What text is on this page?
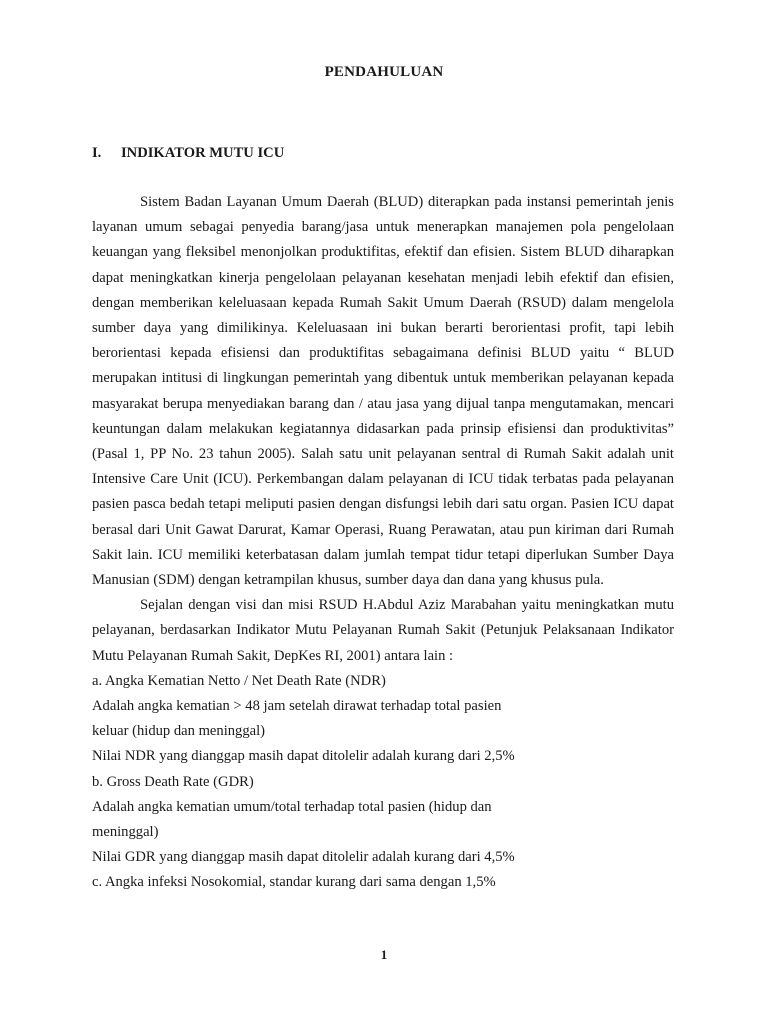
PENDAHULUAN
I. INDIKATOR MUTU ICU

Sistem Badan Layanan Umum Daerah (BLUD) diterapkan pada instansi pemerintah jenis layanan umum sebagai penyedia barang/jasa untuk menerapkan manajemen pola pengelolaan keuangan yang fleksibel menonjolkan produktifitas, efektif dan efisien. Sistem BLUD diharapkan dapat meningkatkan kinerja pengelolaan pelayanan kesehatan menjadi lebih efektif dan efisien, dengan memberikan keleluasaan kepada Rumah Sakit Umum Daerah (RSUD) dalam mengelola sumber daya yang dimilikinya. Keleluasaan ini bukan berarti berorientasi profit, tapi lebih berorientasi kepada efisiensi dan produktifitas sebagaimana definisi BLUD yaitu “ BLUD merupakan intitusi di lingkungan pemerintah yang dibentuk untuk memberikan pelayanan kepada masyarakat berupa menyediakan barang dan / atau jasa yang dijual tanpa mengutamakan, mencari keuntungan dalam melakukan kegiatannya didasarkan pada prinsip efisiensi dan produktivitas” (Pasal 1, PP No. 23 tahun 2005). Salah satu unit pelayanan sentral di Rumah Sakit adalah unit Intensive Care Unit (ICU). Perkembangan dalam pelayanan di ICU tidak terbatas pada pelayanan pasien pasca bedah tetapi meliputi pasien dengan disfungsi lebih dari satu organ. Pasien ICU dapat berasal dari Unit Gawat Darurat, Kamar Operasi, Ruang Perawatan, atau pun kiriman dari Rumah Sakit lain. ICU memiliki keterbatasan dalam jumlah tempat tidur tetapi diperlukan Sumber Daya Manusian (SDM) dengan ketrampilan khusus, sumber daya dan dana yang khusus pula.

Sejalan dengan visi dan misi RSUD H.Abdul Aziz Marabahan yaitu meningkatkan mutu pelayanan, berdasarkan Indikator Mutu Pelayanan Rumah Sakit (Petunjuk Pelaksanaan Indikator Mutu Pelayanan Rumah Sakit, DepKes RI, 2001) antara lain :

a. Angka Kematian Netto / Net Death Rate (NDR)
Adalah angka kematian > 48 jam setelah dirawat terhadap total pasien
keluar (hidup dan meninggal)
Nilai NDR yang dianggap masih dapat ditolelir adalah kurang dari 2,5%
b. Gross Death Rate (GDR)
Adalah angka kematian umum/total terhadap total pasien (hidup dan
meninggal)
Nilai GDR yang dianggap masih dapat ditolelir adalah kurang dari 4,5%
c. Angka infeksi Nosokomial, standar kurang dari sama dengan 1,5%
1
